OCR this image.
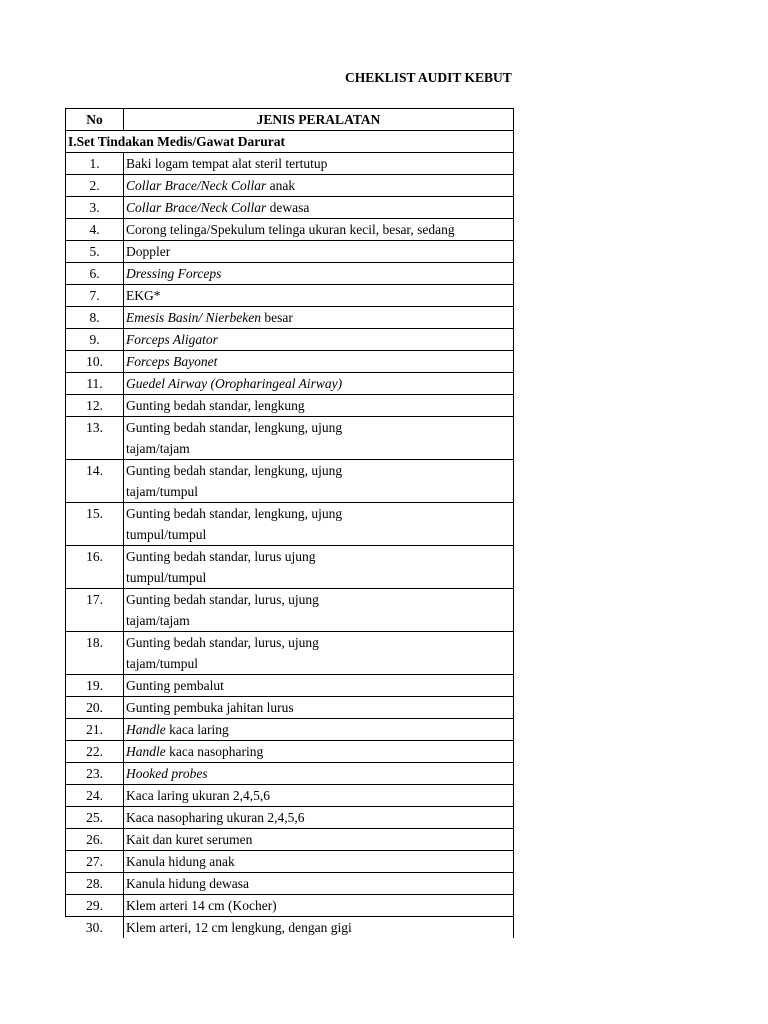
CHEKLIST AUDIT KEBUT
No	JENIS PERALATAN
I.Set Tindakan Medis/Gawat Darurat	
1.	Baki logam tempat alat steril tertutup
2.	Collar Brace/Neck Collar anak
3.	Collar Brace/Neck Collar dewasa
4.	Corong telinga/Spekulum telinga ukuran kecil, besar, sedang
5.	Doppler
6.	Dressing Forceps
7.	EKG*
8.	Emesis Basin/ Nierbeken besar
9.	Forceps Aligator
10.	Forceps Bayonet
11.	Guedel Airway (Oropharingeal Airway)
12.	Gunting bedah standar, lengkung
13.	Gunting bedah standar, lengkung, ujung
tajam/tajam
14.	Gunting bedah standar, lengkung, ujung
tajam/tumpul
15.	Gunting bedah standar, lengkung, ujung
tumpul/tumpul
16.	Gunting bedah standar, lurus ujung
tumpul/tumpul
17.	Gunting bedah standar, lurus, ujung
tajam/tajam
18.	Gunting bedah standar, lurus, ujung
tajam/tumpul
19.	Gunting pembalut
20.	Gunting pembuka jahitan lurus
21.	Handle kaca laring
22.	Handle kaca nasopharing
23.	Hooked probes
24.	Kaca laring ukuran 2,4,5,6
25.	Kaca nasopharing ukuran 2,4,5,6
26.	Kait dan kuret serumen
27.	Kanula hidung anak
28.	Kanula hidung dewasa
29.	Klem arteri 14 cm (Kocher)
30.	Klem arteri, 12 cm lengkung, dengan gigi
